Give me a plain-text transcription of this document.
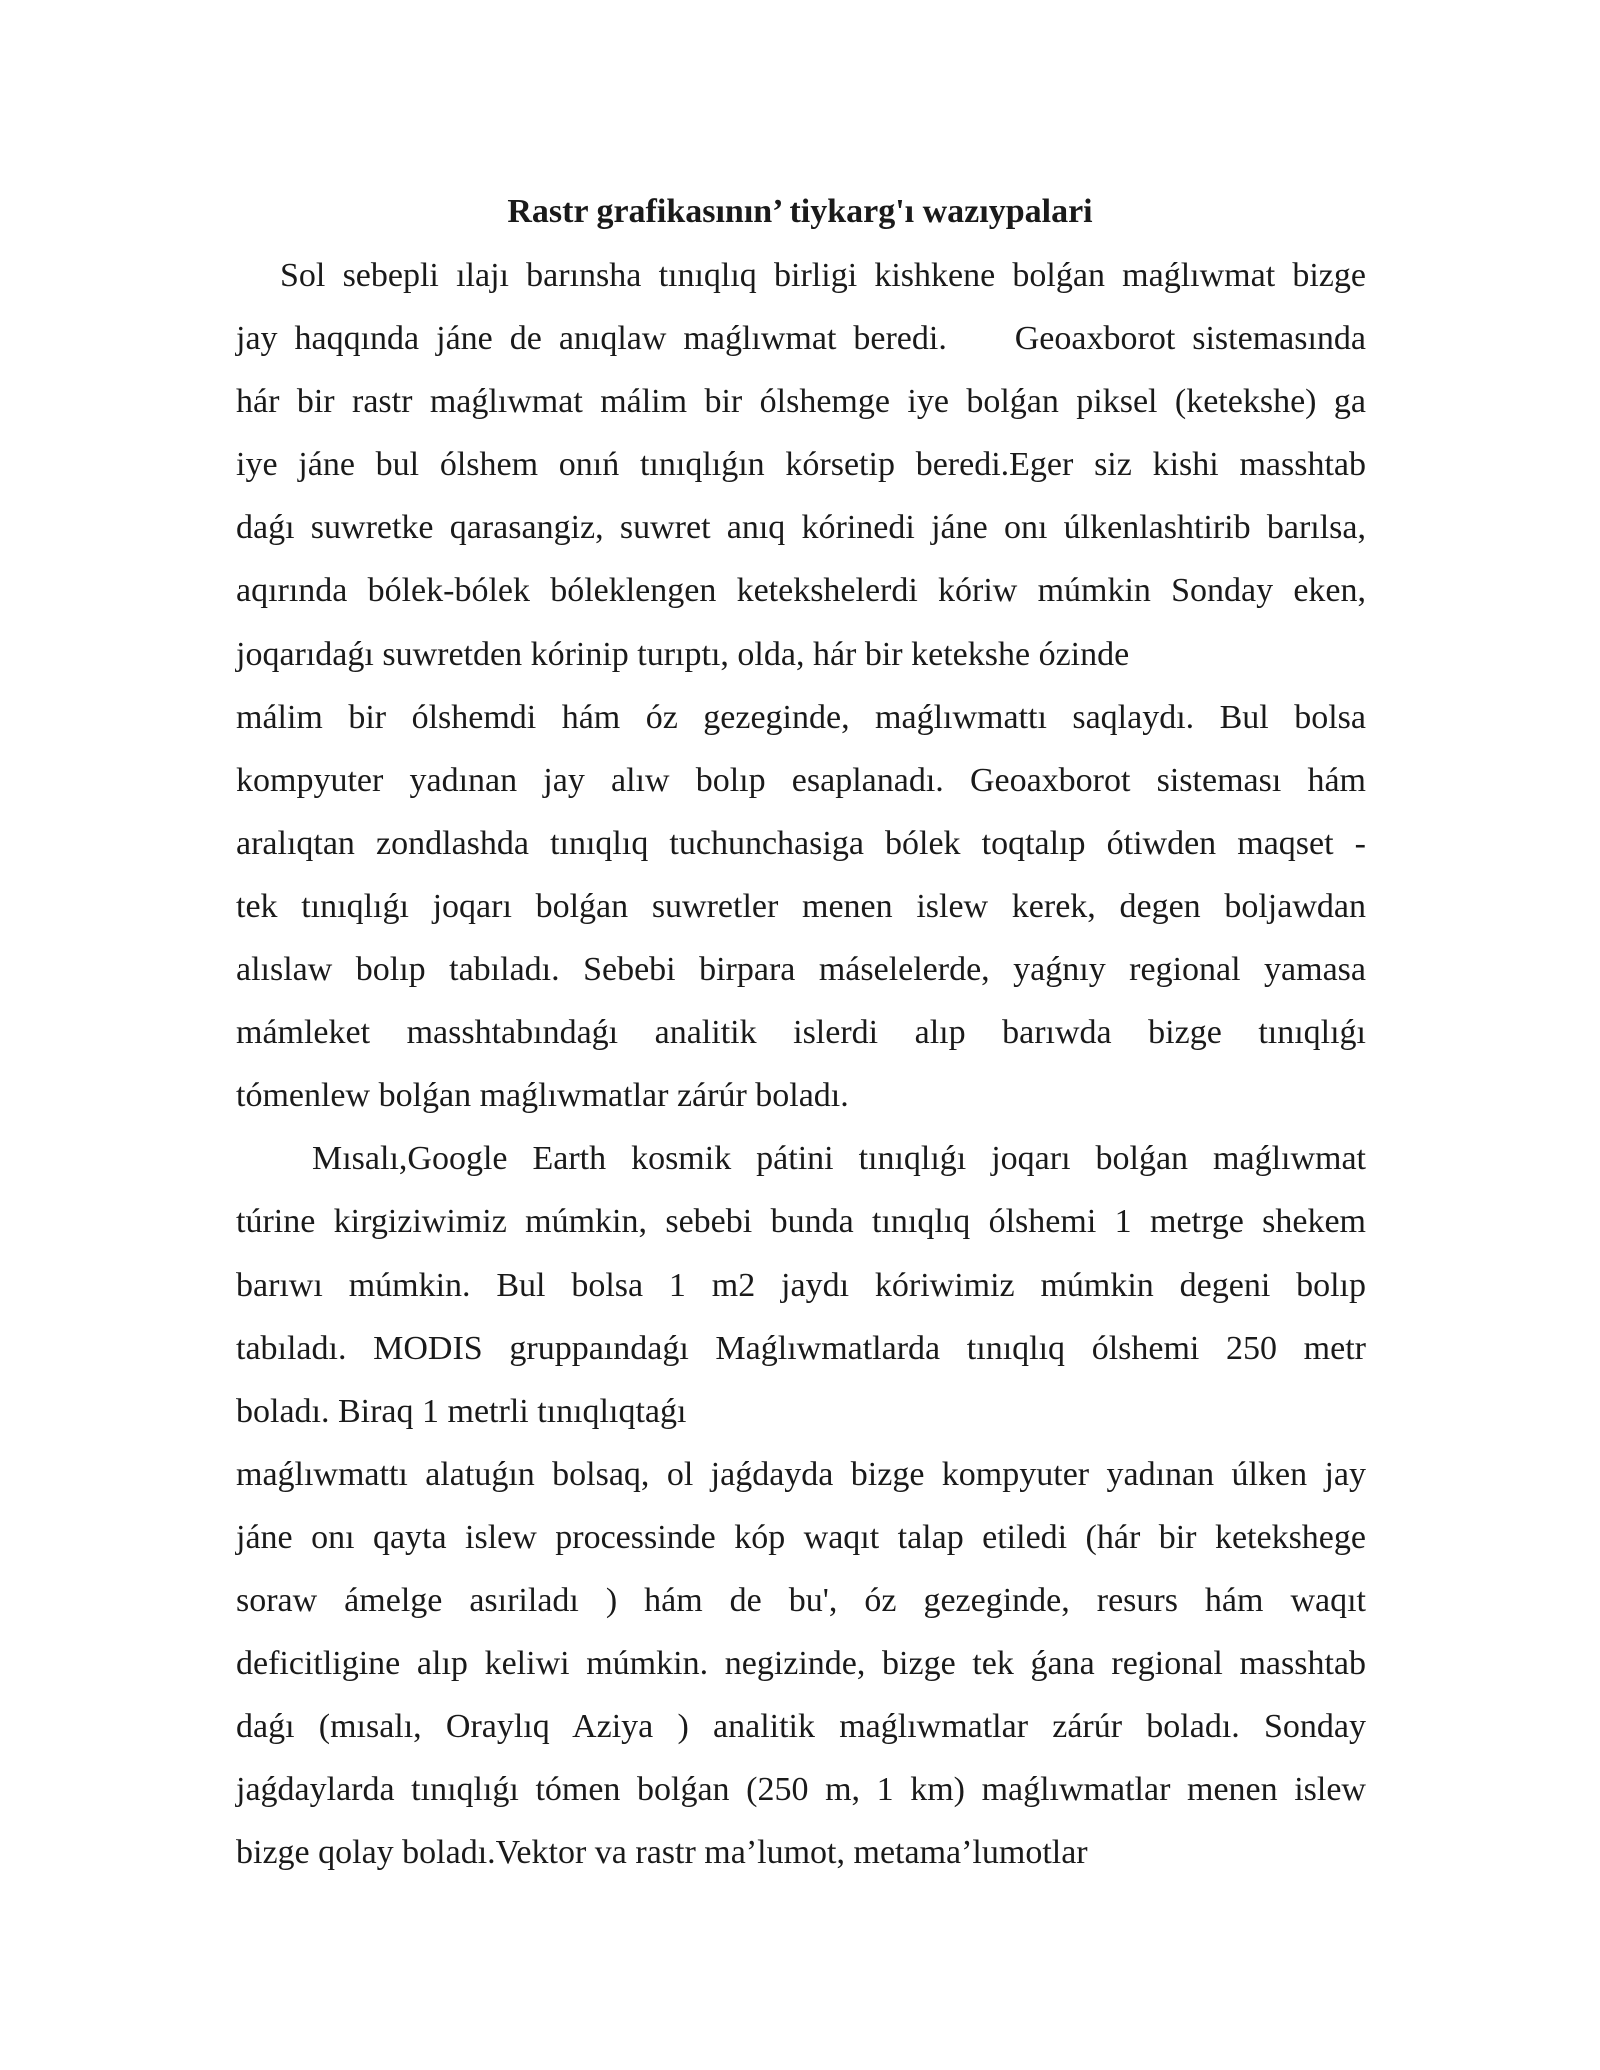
Rastr grafikasının’ tiykarg'ı wazıypalari
Sol sebepli ılajı barınsha tınıqlıq birligi kishkene bolǵan maǵlıwmat bizge
jay haqqında jáne de anıqlaw maǵlıwmat beredi.    Geoaxborot sistemasında
hár bir rastr maǵlıwmat málim bir ólshemge iye bolǵan piksel (ketekshe) ga
iye jáne bul ólshem onıń tınıqlıǵın kórsetip beredi.Eger siz kishi masshtab
daǵı suwretke qarasangiz, suwret anıq kórinedi jáne onı úlkenlashtirib barılsa,
aqırında bólek-bólek bóleklengen ketekshelerdi kóriw múmkin Sonday eken,
joqarıdaǵı suwretden kórinip turıptı, olda, hár bir ketekshe ózinde
málim bir ólshemdi hám óz gezeginde, maǵlıwmattı saqlaydı. Bul bolsa
kompyuter yadınan jay alıw bolıp esaplanadı. Geoaxborot sisteması hám
aralıqtan zondlashda tınıqlıq tuchunchasiga bólek toqtalıp ótiwden maqset -
tek tınıqlıǵı joqarı bolǵan suwretler menen islew kerek, degen boljawdan
alıslaw bolıp tabıladı. Sebebi birpara máselelerde, yaǵnıy regional yamasa
mámleket masshtabındaǵı analitik islerdi alıp barıwda bizge tınıqlıǵı
tómenlew bolǵan maǵlıwmatlar zárúr boladı.
Mısalı,Google Earth kosmik pátini tınıqlıǵı joqarı bolǵan maǵlıwmat
túrine kirgiziwimiz múmkin, sebebi bunda tınıqlıq ólshemi 1 metrge shekem
barıwı múmkin. Bul bolsa 1 m2 jaydı kóriwimiz múmkin degeni bolıp
tabıladı. MODIS gruppaındaǵı Maǵlıwmatlarda tınıqlıq ólshemi 250 metr
boladı. Biraq 1 metrli tınıqlıqtaǵı
maǵlıwmattı alatuǵın bolsaq, ol jaǵdayda bizge kompyuter yadınan úlken jay
jáne onı qayta islew processinde kóp waqıt talap etiledi (hár bir ketekshege
soraw ámelge asıriladı ) hám de bu', óz gezeginde, resurs hám waqıt
deficitligine alıp keliwi múmkin. negizinde, bizge tek ǵana regional masshtab
daǵı (mısalı, Oraylıq Aziya ) analitik maǵlıwmatlar zárúr boladı. Sonday
jaǵdaylarda tınıqlıǵı tómen bolǵan (250 m, 1 km) maǵlıwmatlar menen islew
bizge qolay boladı.Vektor va rastr ma’lumot, metama’lumotlar
